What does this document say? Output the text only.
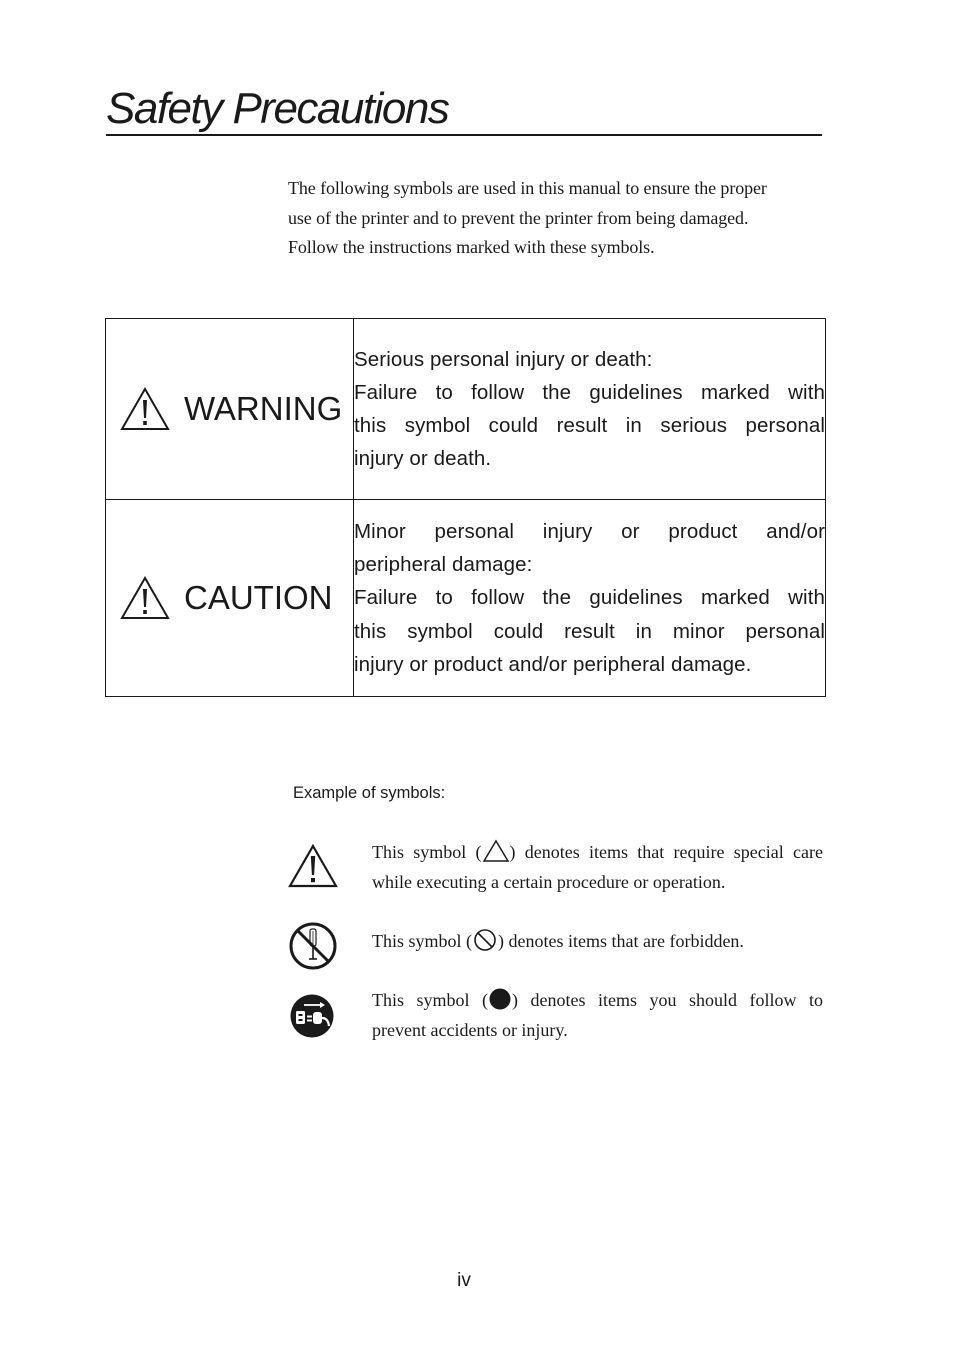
Safety Precautions
The following symbols are used in this manual to ensure the proper
use of the printer and to prevent the printer from being damaged.
Follow the instructions marked with these symbols.
WARNING	Serious personal injury or death:
Failure to follow the guidelines marked with
this symbol could result in serious personal
injury or death.

CAUTION	Minor personal injury or product and/or
peripheral damage:
Failure to follow the guidelines marked with
this symbol could result in minor personal
injury or product and/or peripheral damage.
Example of symbols:
This symbol ( ) denotes items that require special care
while executing a certain procedure or operation.
This symbol ( ) denotes items that are forbidden.
This symbol ( ) denotes items you should follow to
prevent accidents or injury.
iv
